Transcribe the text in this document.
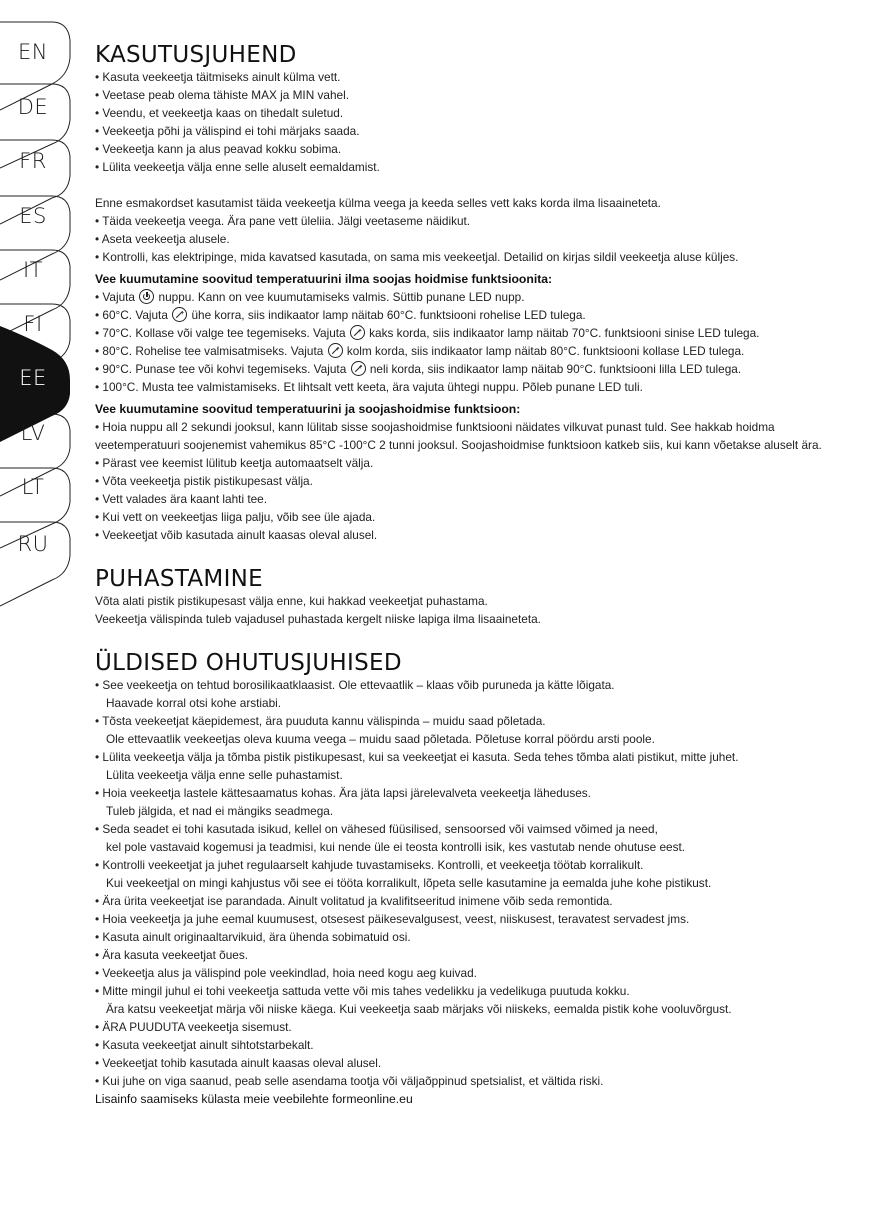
EN
DE
FR
ES
IT
FI
EE
LV
LT
RU
KASUTUSJUHEND
• Kasuta veekeetja täitmiseks ainult külma vett.
• Veetase peab olema tähiste MAX ja MIN vahel.
• Veendu, et veekeetja kaas on tihedalt suletud.
• Veekeetja põhi ja välispind ei tohi märjaks saada.
• Veekeetja kann ja alus peavad kokku sobima.
• Lülita veekeetja välja enne selle aluselt eemaldamist.
Enne esmakordset kasutamist täida veekeetja külma veega ja keeda selles vett kaks korda ilma lisaaineteta.
• Täida veekeetja veega. Ära pane vett üleliia. Jälgi veetaseme näidikut.
• Aseta veekeetja alusele.
• Kontrolli, kas elektripinge, mida kavatsed kasutada, on sama mis veekeetjal. Detailid on kirjas sildil veekeetja aluse küljes.
Vee kuumutamine soovitud temperatuurini ilma soojas hoidmise funktsioonita:
• Vajuta  nuppu. Kann on vee kuumutamiseks valmis. Süttib punane LED nupp.
• 60°C. Vajuta + ühe korra, siis indikaator lamp näitab 60°C. funktsiooni rohelise LED tulega.
• 70°C. Kollase või valge tee tegemiseks. Vajuta + kaks korda, siis indikaator lamp näitab 70°C. funktsiooni sinise LED tulega.
• 80°C. Rohelise tee valmisatmiseks. Vajuta + kolm korda, siis indikaator lamp näitab 80°C. funktsiooni kollase LED tulega.
• 90°C. Punase tee või kohvi tegemiseks. Vajuta + neli korda, siis indikaator lamp näitab 90°C. funktsiooni lilla LED tulega.
• 100°C. Musta tee valmistamiseks. Et lihtsalt vett keeta, ära vajuta ühtegi nuppu. Põleb punane LED tuli.
Vee kuumutamine soovitud temperatuurini ja soojashoidmise funktsioon:
• Hoia nuppu all 2 sekundi jooksul, kann lülitab sisse soojashoidmise funktsiooni näidates vilkuvat punast tuld. See hakkab hoidma veetemperatuuri soojenemist vahemikus 85°C -100°C 2 tunni jooksul. Soojashoidmise funktsioon katkeb siis, kui kann võetakse aluselt ära.
• Pärast vee keemist lülitub keetja automaatselt välja.
• Võta veekeetja pistik pistikupesast välja.
• Vett valades ära kaant lahti tee.
• Kui vett on veekeetjas liiga palju, võib see üle ajada.
• Veekeetjat võib kasutada ainult kaasas oleval alusel.
PUHASTAMINE
Võta alati pistik pistikupesast välja enne, kui hakkad veekeetjat puhastama.
Veekeetja välispinda tuleb vajadusel puhastada kergelt niiske lapiga ilma lisaaineteta.
ÜLDISED OHUTUSJUHISED
• See veekeetja on tehtud borosilikaatklaasist. Ole ettevaatlik – klaas võib puruneda ja kätte lõigata.
Haavade korral otsi kohe arstiabi.
• Tõsta veekeetjat käepidemest, ära puuduta kannu välispinda – muidu saad põletada.
Ole ettevaatlik veekeetjas oleva kuuma veega – muidu saad põletada. Põletuse korral pöördu arsti poole.
• Lülita veekeetja välja ja tõmba pistik pistikupesast, kui sa veekeetjat ei kasuta. Seda tehes tõmba alati pistikut, mitte juhet.
Lülita veekeetja välja enne selle puhastamist.
• Hoia veekeetja lastele kättesaamatus kohas. Ära jäta lapsi järelevalveta veekeetja läheduses.
Tuleb jälgida, et nad ei mängiks seadmega.
• Seda seadet ei tohi kasutada isikud, kellel on vähesed füüsilised, sensoorsed või vaimsed võimed ja need,
kel pole vastavaid kogemusi ja teadmisi, kui nende üle ei teosta kontrolli isik, kes vastutab nende ohutuse eest.
• Kontrolli veekeetjat ja juhet regulaarselt kahjude tuvastamiseks. Kontrolli, et veekeetja töötab korralikult.
Kui veekeetjal on mingi kahjustus või see ei tööta korralikult, lõpeta selle kasutamine ja eemalda juhe kohe pistikust.
• Ära ürita veekeetjat ise parandada. Ainult volitatud ja kvalifitseeritud inimene võib seda remontida.
• Hoia veekeetja ja juhe eemal kuumusest, otsesest päikesevalgusest, veest, niiskusest, teravatest servadest jms.
• Kasuta ainult originaaltarvikuid, ära ühenda sobimatuid osi.
• Ära kasuta veekeetjat õues.
• Veekeetja alus ja välispind pole veekindlad, hoia need kogu aeg kuivad.
• Mitte mingil juhul ei tohi veekeetja sattuda vette või mis tahes vedelikku ja vedelikuga puutuda kokku.
Ära katsu veekeetjat märja või niiske käega. Kui veekeetja saab märjaks või niiskeks, eemalda pistik kohe vooluvõrgust.
• ÄRA PUUDUTA veekeetja sisemust.
• Kasuta veekeetjat ainult sihtotstarbekalt.
• Veekeetjat tohib kasutada ainult kaasas oleval alusel.
• Kui juhe on viga saanud, peab selle asendama tootja või väljaõppinud spetsialist, et vältida riski.
Lisainfo saamiseks külasta meie veebilehte formeonline.eu
